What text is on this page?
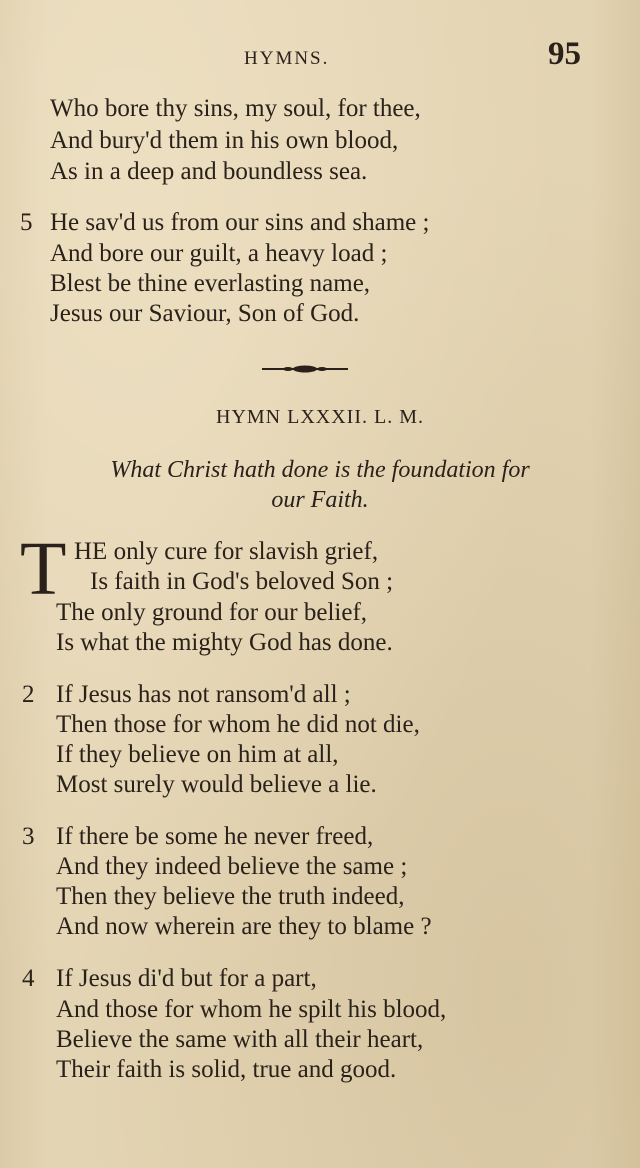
HYMNS.	95
Who bore thy sins, my soul, for thee,
And bury'd them in his own blood,
As in a deep and boundless sea.
5 He sav'd us from our sins and shame ;
And bore our guilt, a heavy load ;
Blest be thine everlasting name,
Jesus our Saviour, Son of God.
HYMN LXXXII. L. M.
What Christ hath done is the foundation for
our Faith.
T HE only cure for slavish grief,
Is faith in God's beloved Son ;
The only ground for our belief,
Is what the mighty God has done.
2 If Jesus has not ransom'd all ;
Then those for whom he did not die,
If they believe on him at all,
Most surely would believe a lie.
3 If there be some he never freed,
And they indeed believe the same ;
Then they believe the truth indeed,
And now wherein are they to blame ?
4 If Jesus di'd but for a part,
And those for whom he spilt his blood,
Believe the same with all their heart,
Their faith is solid, true and good.
